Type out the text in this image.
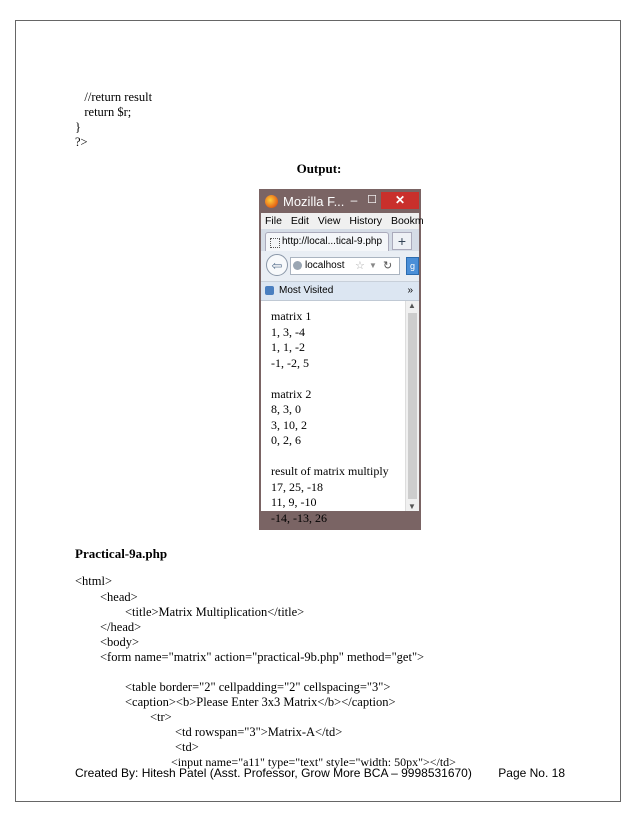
//return result
return $r;
}
?>
Output:
Mozilla F... – ☐	✕
File Edit View History Bookm
http://local...tical-9.php	+
⇦	localhost ☆ ▼ ↻	g
Most Visited	»
matrix 1
1, 3, -4
1, 1, -2
-1, -2, 5
matrix 2
8, 3, 0
3, 10, 2
0, 2, 6
result of matrix multiply
17, 25, -18
11, 9, -10
-14, -13, 26
▲
▼
Practical-9a.php
<html>
<head>
<title>Matrix Multiplication</title>
</head>
<body>
<form name="matrix" action="practical-9b.php" method="get">
<table border="2" cellpadding="2" cellspacing="3">
<caption><b>Please Enter 3x3 Matrix</b></caption>
<tr>
<td rowspan="3">Matrix-A</td>
<td>
<input name="a11" type="text" style="width: 50px"></td>
Created By: Hitesh Patel (Asst. Professor, Grow More BCA – 9998531670) Page No. 18
